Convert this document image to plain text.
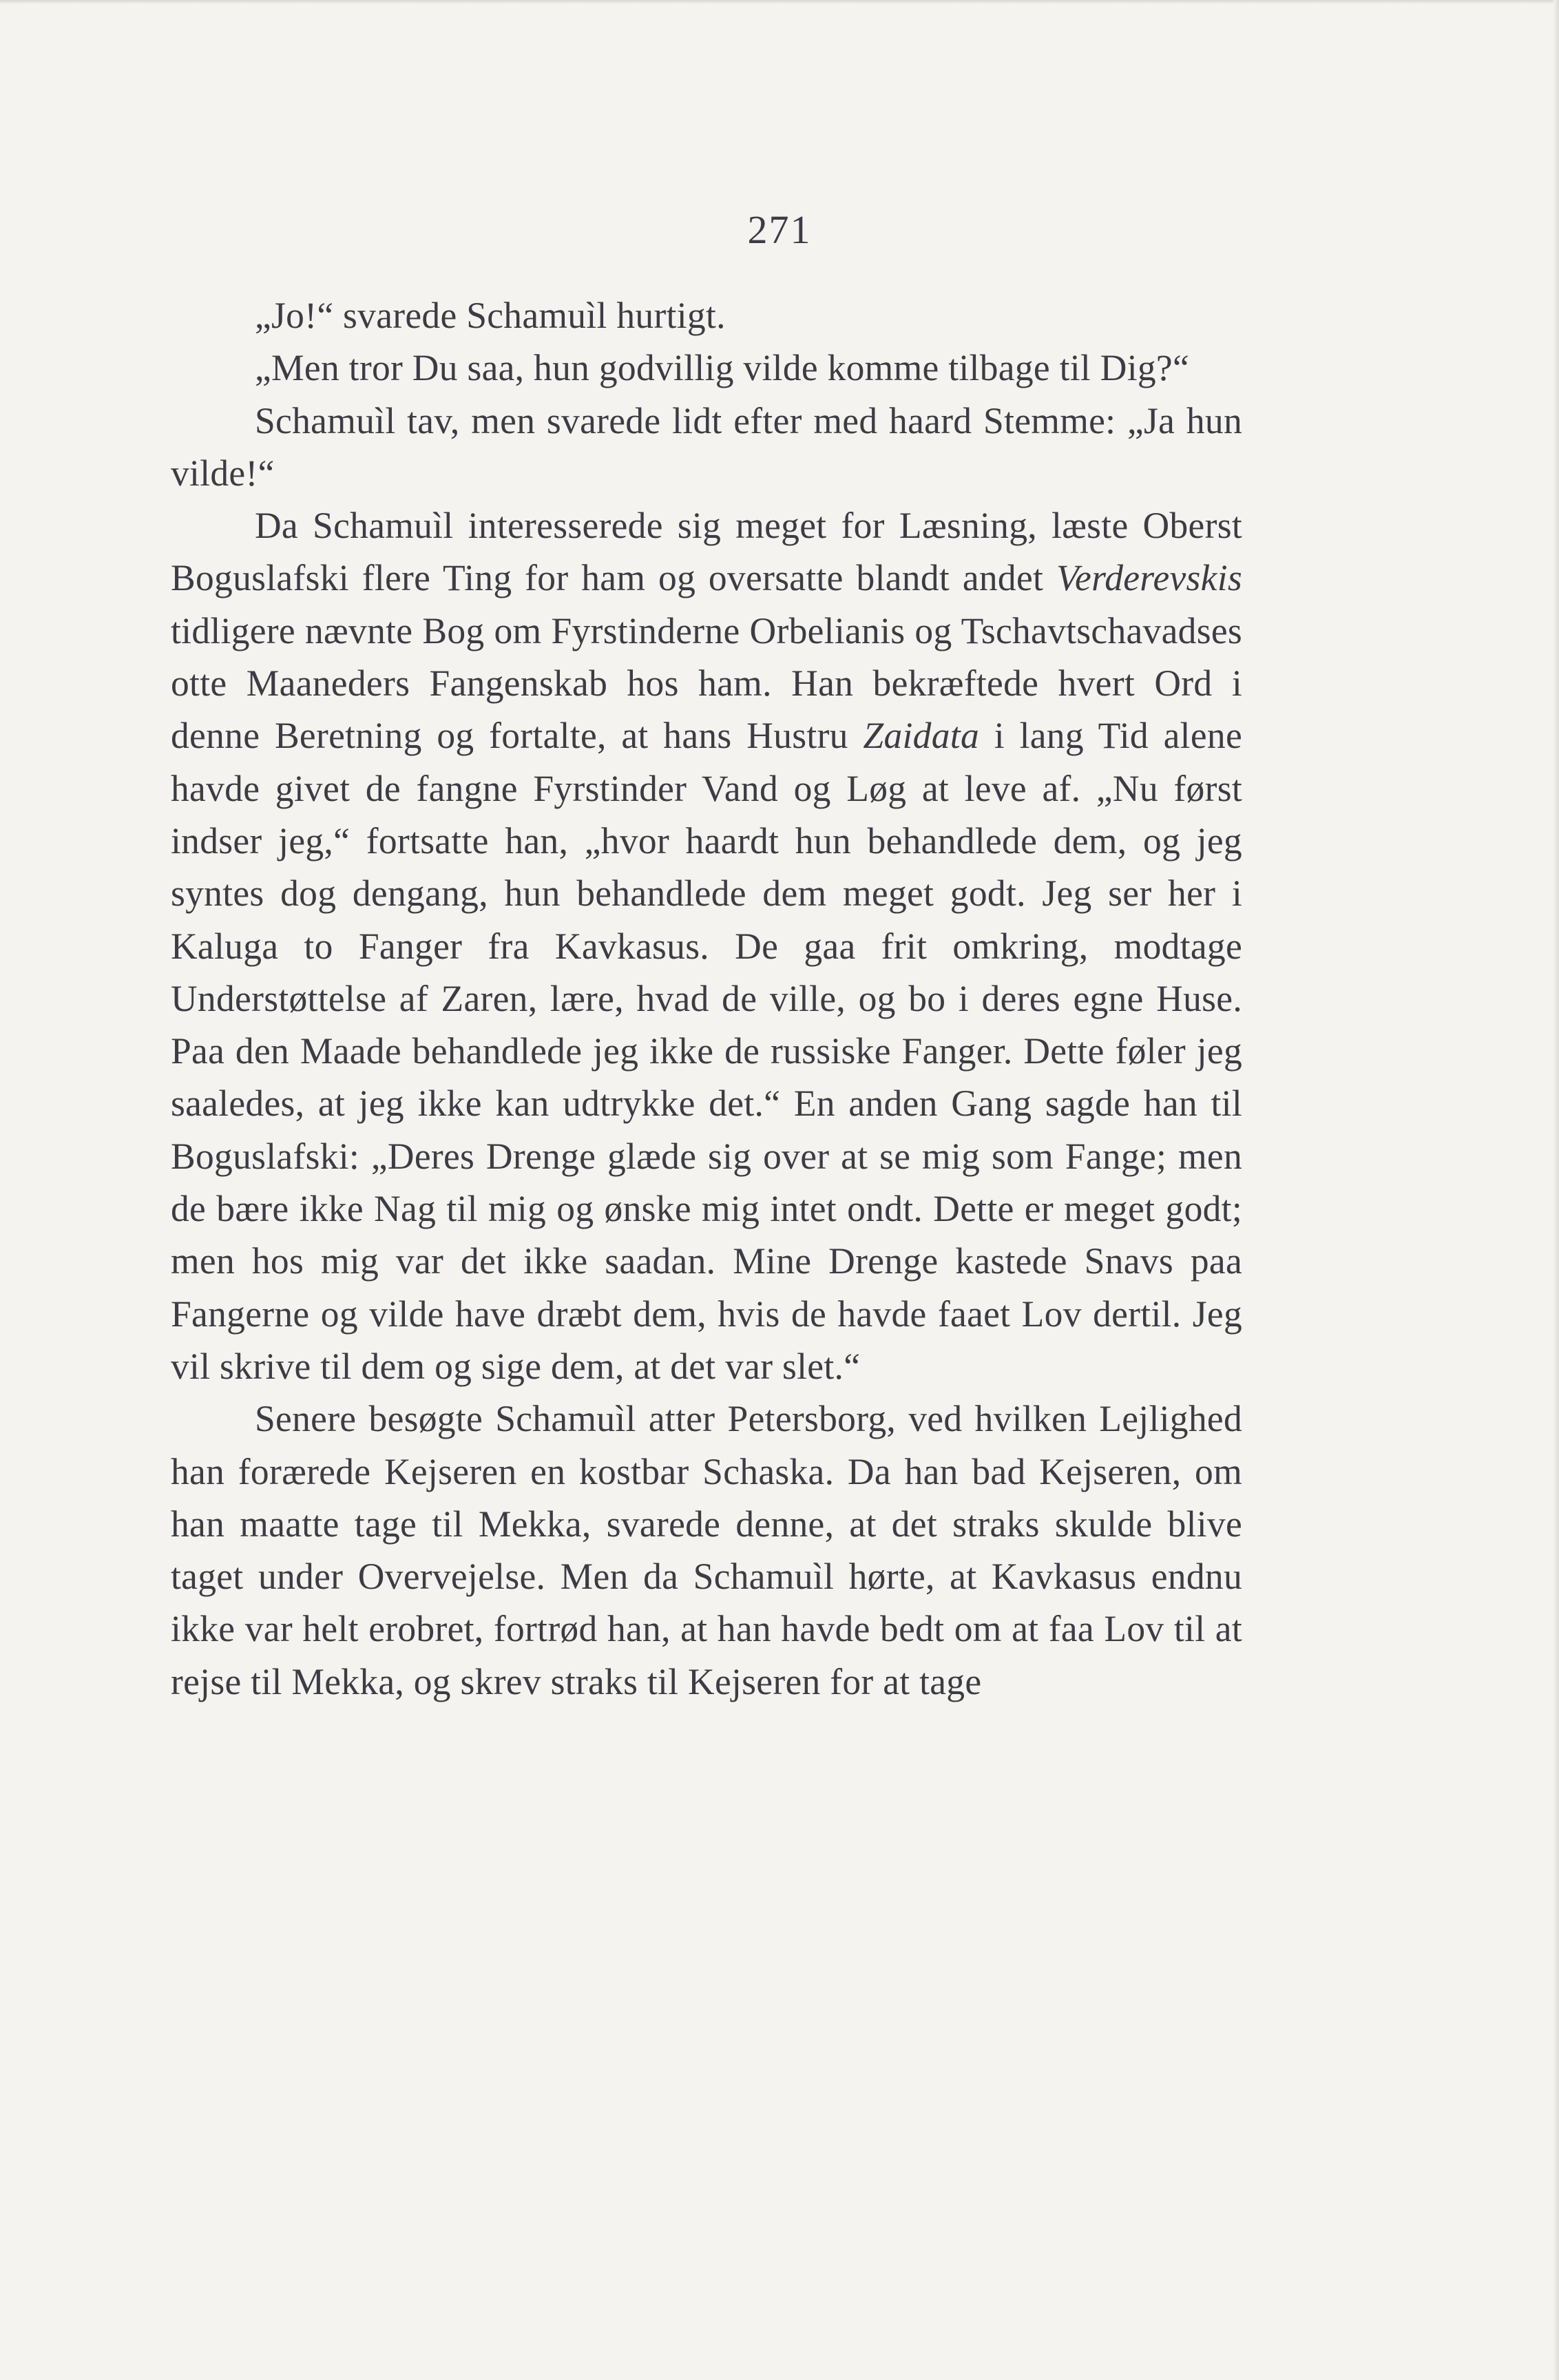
271

„Jo!“ svarede Schamuìl hurtigt.

„Men tror Du saa, hun godvillig vilde komme tilbage til Dig?“

Schamuìl tav, men svarede lidt efter med haard Stemme: „Ja hun vilde!“

Da Schamuìl interesserede sig meget for Læsning, læste Oberst Boguslafski flere Ting for ham og oversatte blandt andet Verderevskis tidligere nævnte Bog om Fyrstinderne Orbelianis og Tschavtschavadses otte Maaneders Fangenskab hos ham. Han bekræftede hvert Ord i denne Beretning og fortalte, at hans Hustru Zaidata i lang Tid alene havde givet de fangne Fyrstinder Vand og Løg at leve af. „Nu først indser jeg,“ fortsatte han, „hvor haardt hun behandlede dem, og jeg syntes dog dengang, hun behandlede dem meget godt. Jeg ser her i Kaluga to Fanger fra Kavkasus. De gaa frit omkring, modtage Understøttelse af Zaren, lære, hvad de ville, og bo i deres egne Huse. Paa den Maade behandlede jeg ikke de russiske Fanger. Dette føler jeg saaledes, at jeg ikke kan udtrykke det.“ En anden Gang sagde han til Boguslafski: „Deres Drenge glæde sig over at se mig som Fange; men de bære ikke Nag til mig og ønske mig intet ondt. Dette er meget godt; men hos mig var det ikke saadan. Mine Drenge kastede Snavs paa Fangerne og vilde have dræbt dem, hvis de havde faaet Lov dertil. Jeg vil skrive til dem og sige dem, at det var slet.“

Senere besøgte Schamuìl atter Petersborg, ved hvilken Lejlighed han forærede Kejseren en kostbar Schaska. Da han bad Kejseren, om han maatte tage til Mekka, svarede denne, at det straks skulde blive taget under Overvejelse. Men da Schamuìl hørte, at Kavkasus endnu ikke var helt erobret, fortrød han, at han havde bedt om at faa Lov til at rejse til Mekka, og skrev straks til Kejseren for at tage
